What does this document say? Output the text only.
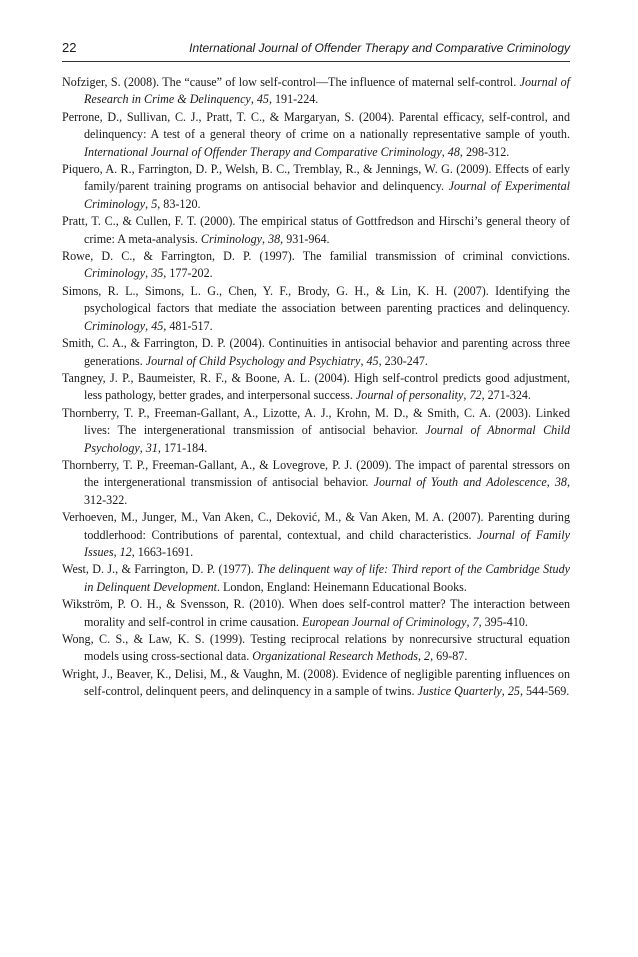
22	International Journal of Offender Therapy and Comparative Criminology

Nofziger, S. (2008). The “cause” of low self-control—The influence of maternal self-control. Journal of Research in Crime & Delinquency, 45, 191-224.

Perrone, D., Sullivan, C. J., Pratt, T. C., & Margaryan, S. (2004). Parental efficacy, self-control, and delinquency: A test of a general theory of crime on a nationally representative sample of youth. International Journal of Offender Therapy and Comparative Criminology, 48, 298-312.

Piquero, A. R., Farrington, D. P., Welsh, B. C., Tremblay, R., & Jennings, W. G. (2009). Effects of early family/parent training programs on antisocial behavior and delinquency. Journal of Experimental Criminology, 5, 83-120.

Pratt, T. C., & Cullen, F. T. (2000). The empirical status of Gottfredson and Hirschi’s general theory of crime: A meta-analysis. Criminology, 38, 931-964.

Rowe, D. C., & Farrington, D. P. (1997). The familial transmission of criminal convictions. Criminology, 35, 177-202.

Simons, R. L., Simons, L. G., Chen, Y. F., Brody, G. H., & Lin, K. H. (2007). Identifying the psychological factors that mediate the association between parenting practices and delinquency. Criminology, 45, 481-517.

Smith, C. A., & Farrington, D. P. (2004). Continuities in antisocial behavior and parenting across three generations. Journal of Child Psychology and Psychiatry, 45, 230-247.

Tangney, J. P., Baumeister, R. F., & Boone, A. L. (2004). High self-control predicts good adjustment, less pathology, better grades, and interpersonal success. Journal of personality, 72, 271-324.

Thornberry, T. P., Freeman-Gallant, A., Lizotte, A. J., Krohn, M. D., & Smith, C. A. (2003). Linked lives: The intergenerational transmission of antisocial behavior. Journal of Abnormal Child Psychology, 31, 171-184.

Thornberry, T. P., Freeman-Gallant, A., & Lovegrove, P. J. (2009). The impact of parental stressors on the intergenerational transmission of antisocial behavior. Journal of Youth and Adolescence, 38, 312-322.

Verhoeven, M., Junger, M., Van Aken, C., Deković, M., & Van Aken, M. A. (2007). Parenting during toddlerhood: Contributions of parental, contextual, and child characteristics. Journal of Family Issues, 12, 1663-1691.

West, D. J., & Farrington, D. P. (1977). The delinquent way of life: Third report of the Cambridge Study in Delinquent Development. London, England: Heinemann Educational Books.

Wikström, P. O. H., & Svensson, R. (2010). When does self-control matter? The interaction between morality and self-control in crime causation. European Journal of Criminology, 7, 395-410.

Wong, C. S., & Law, K. S. (1999). Testing reciprocal relations by nonrecursive structural equation models using cross-sectional data. Organizational Research Methods, 2, 69-87.

Wright, J., Beaver, K., Delisi, M., & Vaughn, M. (2008). Evidence of negligible parenting influences on self-control, delinquent peers, and delinquency in a sample of twins. Justice Quarterly, 25, 544-569.
